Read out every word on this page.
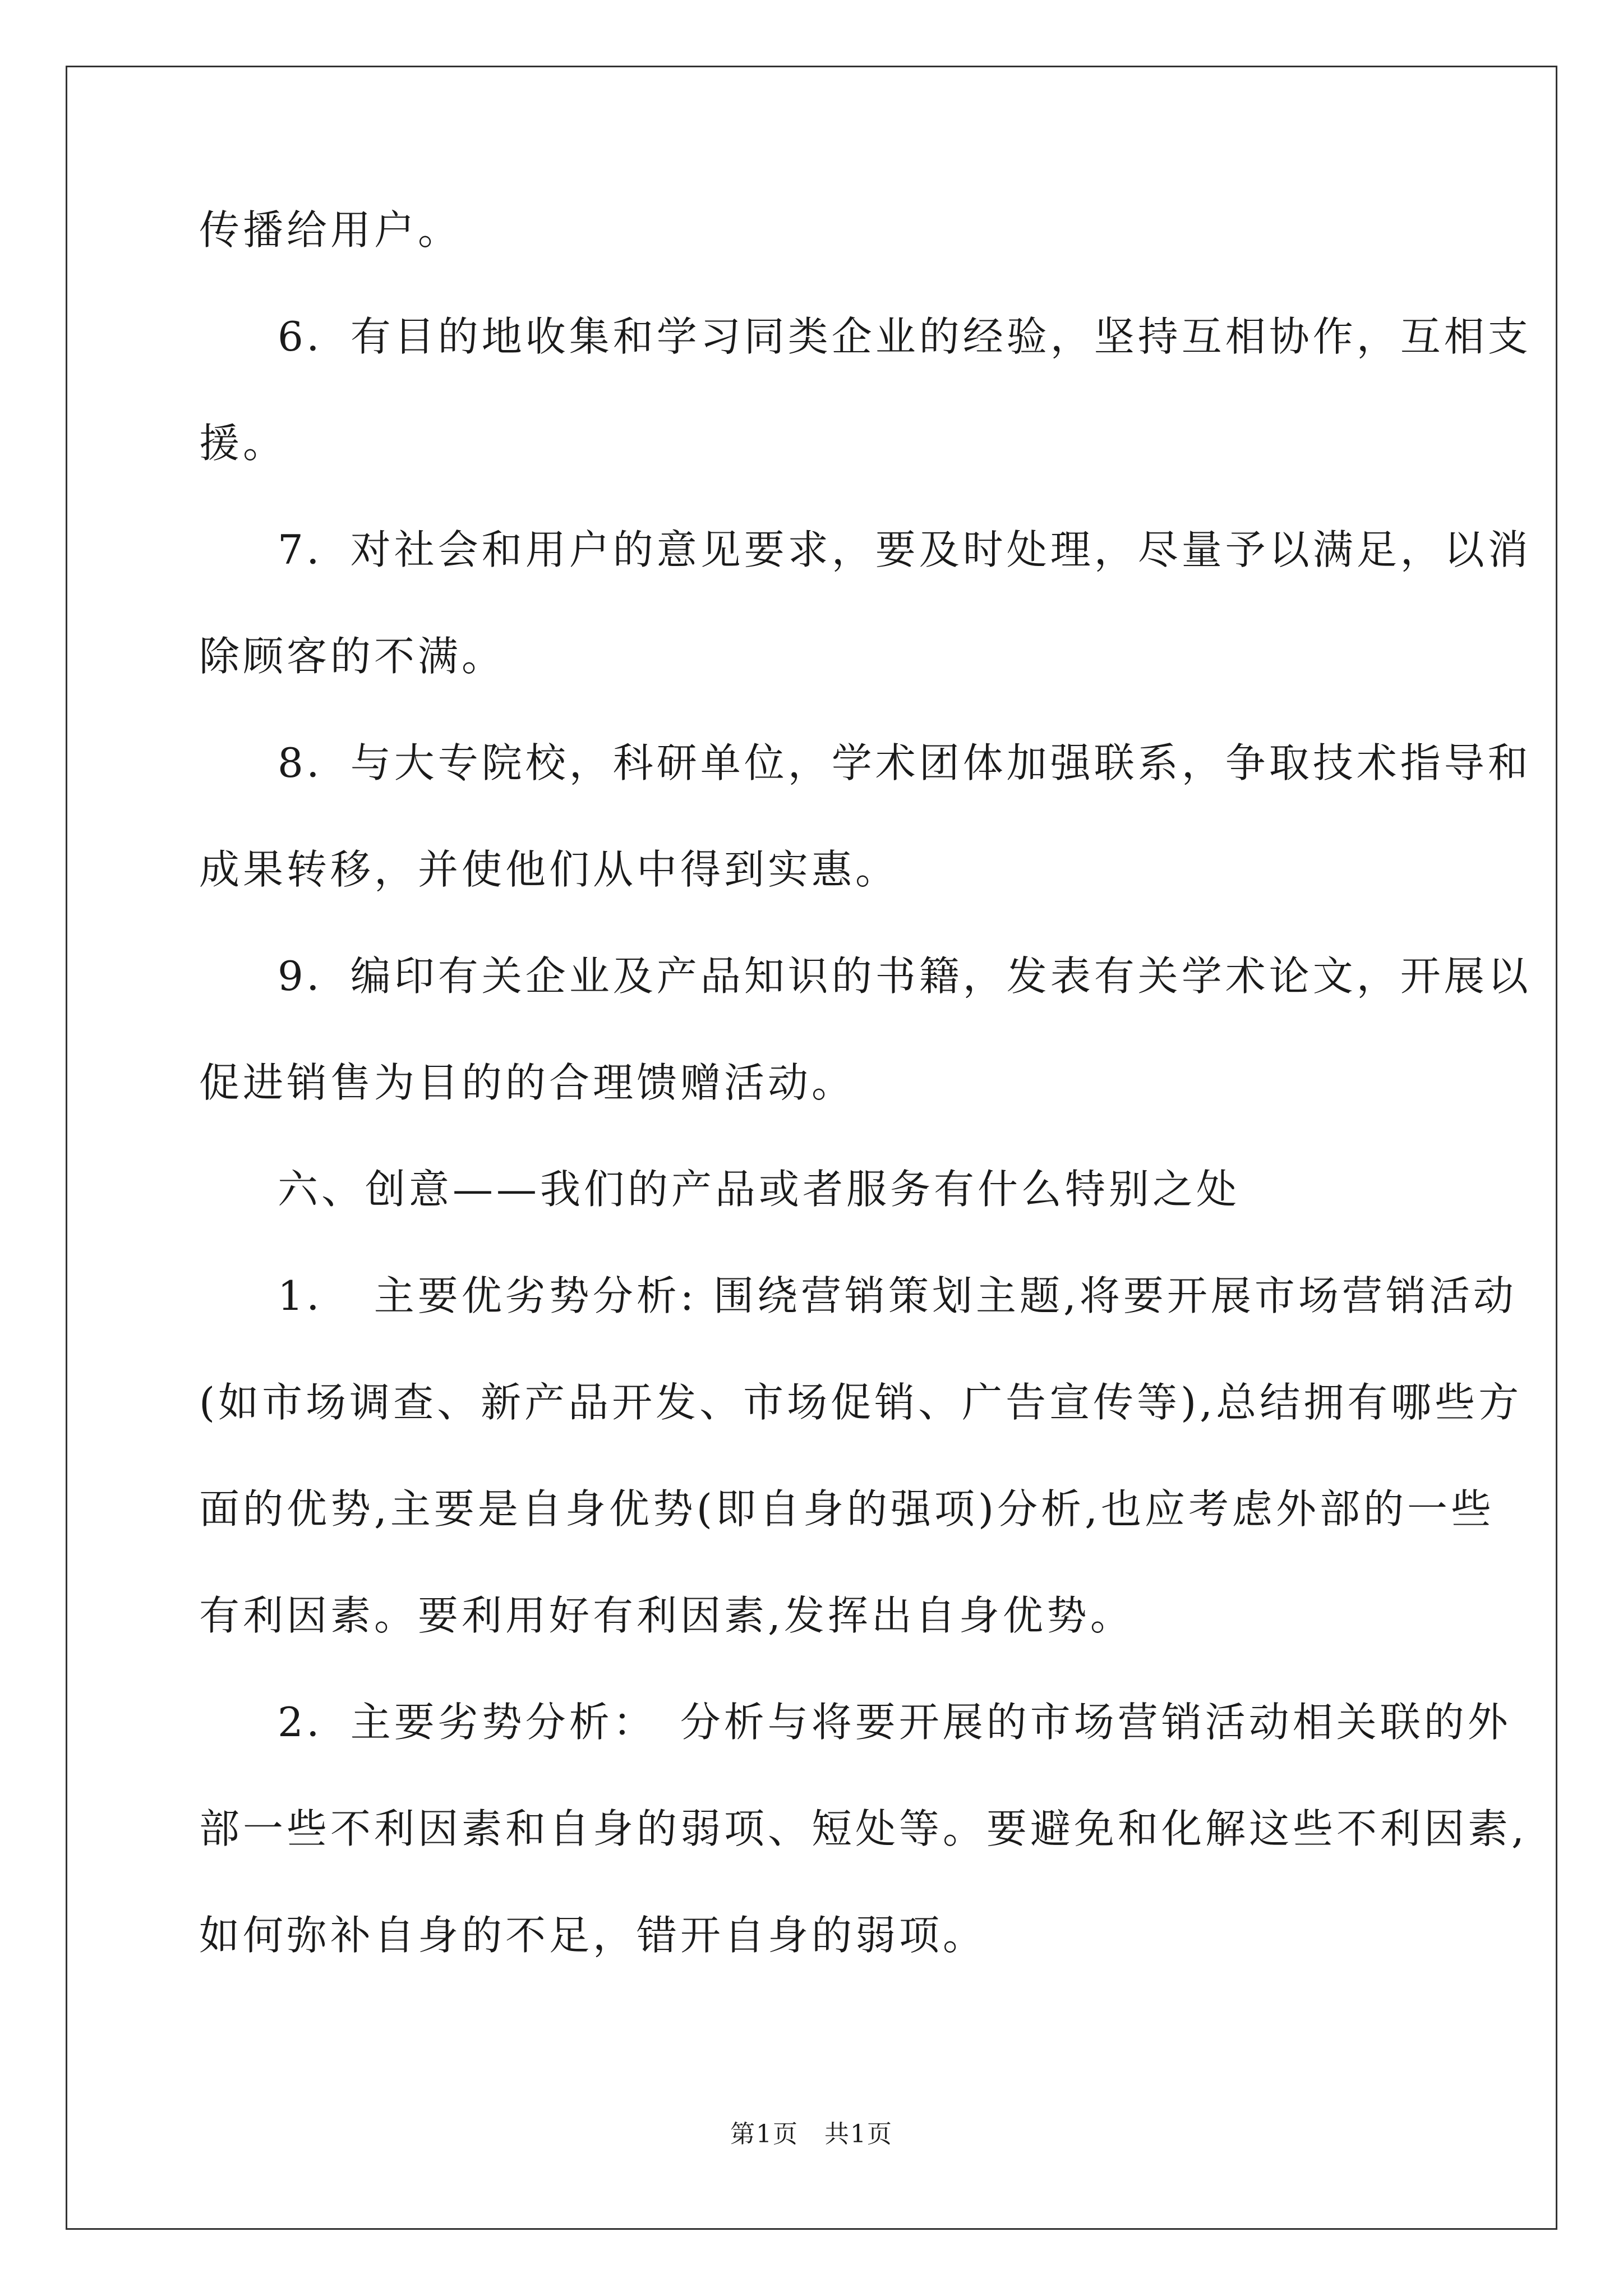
传播给用户。
6．有目的地收集和学习同类企业的经验，坚持互相协作，互相支
援。
7．对社会和用户的意见要求，要及时处理，尽量予以满足，以消
除顾客的不满。
8．与大专院校，科研单位，学术团体加强联系，争取技术指导和
成果转移，并使他们从中得到实惠。
9．编印有关企业及产品知识的书籍，发表有关学术论文，开展以
促进销售为目的的合理馈赠活动。
六、创意——我们的产品或者服务有什么特别之处
1．　主要优劣势分析: 围绕营销策划主题,将要开展市场营销活动
(如市场调查、新产品开发、市场促销、广告宣传等),总结拥有哪些方
面的优势,主要是自身优势(即自身的强项)分析,也应考虑外部的一些
有利因素。要利用好有利因素,发挥出自身优势。
2．主要劣势分析：　分析与将要开展的市场营销活动相关联的外
部一些不利因素和自身的弱项、短处等。要避免和化解这些不利因素,
如何弥补自身的不足，错开自身的弱项。
第1页　共1页
